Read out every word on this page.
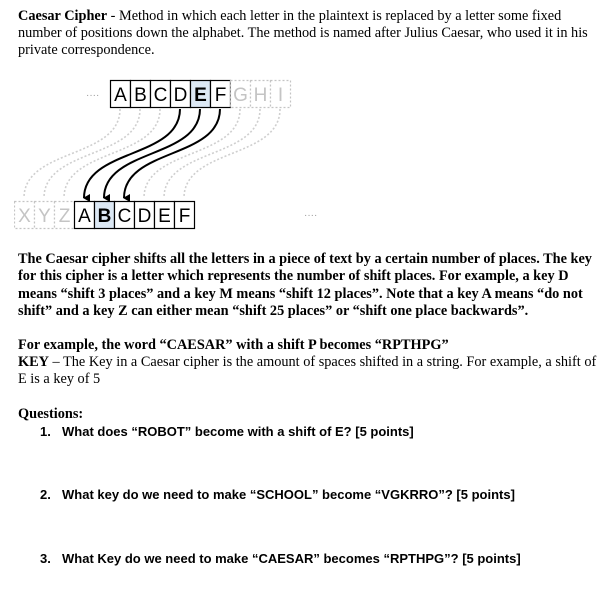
Caesar Cipher - Method in which each letter in the plaintext is replaced by a letter some fixed number of positions down the alphabet. The method is named after Julius Caesar, who used it in his private correspondence.
····
····
A B C D E F G H I
X Y Z A B C D E F
The Caesar cipher shifts all the letters in a piece of text by a certain number of places. The key for this cipher is a letter which represents the number of shift places. For example, a key D means “shift 3 places” and a key M means “shift 12 places”. Note that a key A means “do not shift” and a key Z can either mean “shift 25 places” or “shift one place backwards”.
For example, the word “CAESAR” with a shift P becomes “RPTHPG”
KEY – The Key in a Caesar cipher is the amount of spaces shifted in a string. For example, a shift of E is a key of 5
Questions:
1. What does “ROBOT” become with a shift of E? [5 points]
2. What key do we need to make “SCHOOL” become “VGKRRO”? [5 points]
3. What Key do we need to make “CAESAR” becomes “RPTHPG”? [5 points]
